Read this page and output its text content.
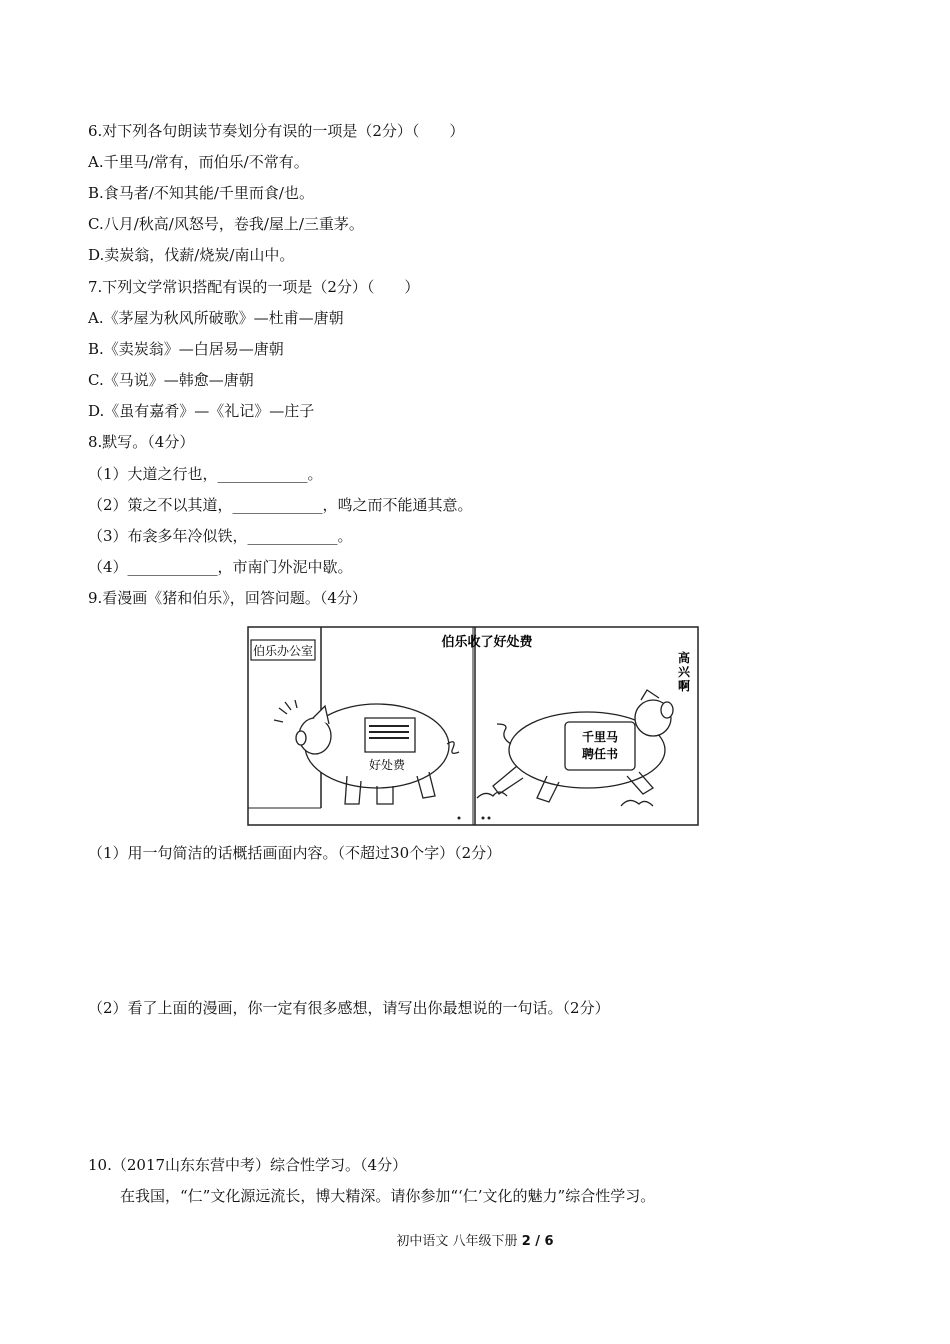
6.对下列各句朗读节奏划分有误的一项是（2分）（　　）
A.千里马/常有，而伯乐/不常有。
B.食马者/不知其能/千里而食/也。
C.八月/秋高/风怒号，卷我/屋上/三重茅。
D.卖炭翁，伐薪/烧炭/南山中。
7.下列文学常识搭配有误的一项是（2分）（　　）
A.《茅屋为秋风所破歌》—杜甫—唐朝
B.《卖炭翁》—白居易—唐朝
C.《马说》—韩愈—唐朝
D.《虽有嘉肴》—《礼记》—庄子
8.默写。（4分）
（1）大道之行也，____________。
（2）策之不以其道，____________，鸣之而不能通其意。
（3）布衾多年冷似铁，____________。
（4）____________，市南门外泥中歇。
9.看漫画《猪和伯乐》，回答问题。（4分）
伯乐办公室
伯乐收了好处费
好处费
千里马
聘任书
高
兴
啊
（1）用一句简洁的话概括画面内容。（不超过30个字）（2分）
（2）看了上面的漫画，你一定有很多感想，请写出你最想说的一句话。（2分）
10.（2017山东东营中考）综合性学习。（4分）
在我国，“仁”文化源远流长，博大精深。请你参加“‘仁’文化的魅力”综合性学习。
初中语文 八年级下册 2 / 6
